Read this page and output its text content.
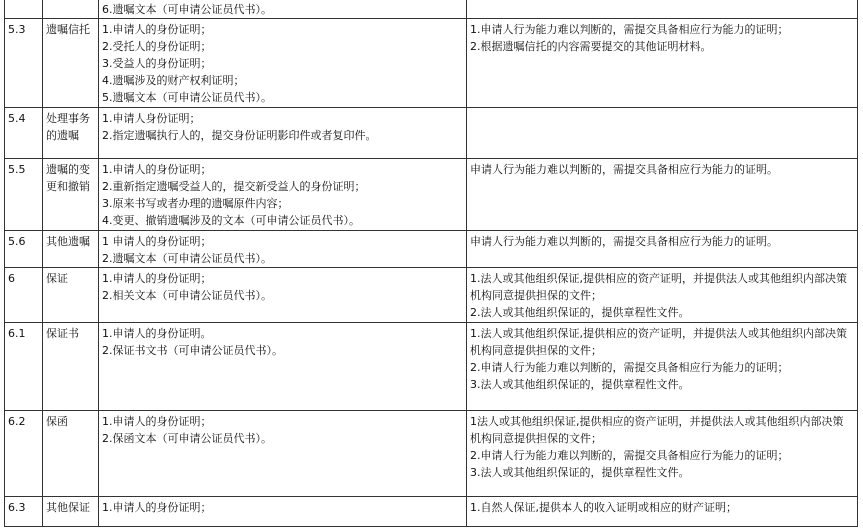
		6.遗嘱文本（可申请公证员代书）。	

5.3	遗嘱信托	1.申请人的身份证明；
2.受托人的身份证明；
3.受益人的身份证明；
4.遗嘱涉及的财产权利证明；
5.遗嘱文本（可申请公证员代书）。	1.申请人行为能力难以判断的，需提交具备相应行为能力的证明；
2.根据遗嘱信托的内容需要提交的其他证明材料。

5.4	处理事务的遗嘱	1.申请人身份证明；
2.指定遗嘱执行人的，提交身份证明影印件或者复印件。	

5.5	遗嘱的变更和撤销	1.申请人的身份证明；
2.重新指定遗嘱受益人的，提交新受益人的身份证明；
3.原来书写或者办理的遗嘱原件内容；
4.变更、撤销遗嘱涉及的文本（可申请公证员代书）。	申请人行为能力难以判断的，需提交具备相应行为能力的证明。

5.6	其他遗嘱	1 申请人的身份证明；
2.遗嘱文本（可申请公证员代书）。	申请人行为能力难以判断的，需提交具备相应行为能力的证明。

6	保证	1.申请人的身份证明；
2.相关文本（可申请公证员代书）。	1.法人或其他组织保证,提供相应的资产证明，并提供法人或其他组织内部决策机构同意提供担保的文件；
2.法人或其他组织保证的，提供章程性文件。

6.1	保证书	1.申请人的身份证明。
2.保证书文书（可申请公证员代书）。	1.法人或其他组织保证,提供相应的资产证明，并提供法人或其他组织内部决策机构同意提供担保的文件；
2.申请人行为能力难以判断的，需提交具备相应行为能力的证明；
3.法人或其他组织保证的，提供章程性文件。

6.2	保函	1.申请人的身份证明；
2.保函文本（可申请公证员代书）。	1法人或其他组织保证,提供相应的资产证明，并提供法人或其他组织内部决策机构同意提供担保的文件；
2.申请人行为能力难以判断的，需提交具备相应行为能力的证明；
3.法人或其他组织保证的，提供章程性文件。

6.3	其他保证	1.申请人的身份证明；	1.自然人保证,提供本人的收入证明或相应的财产证明；
